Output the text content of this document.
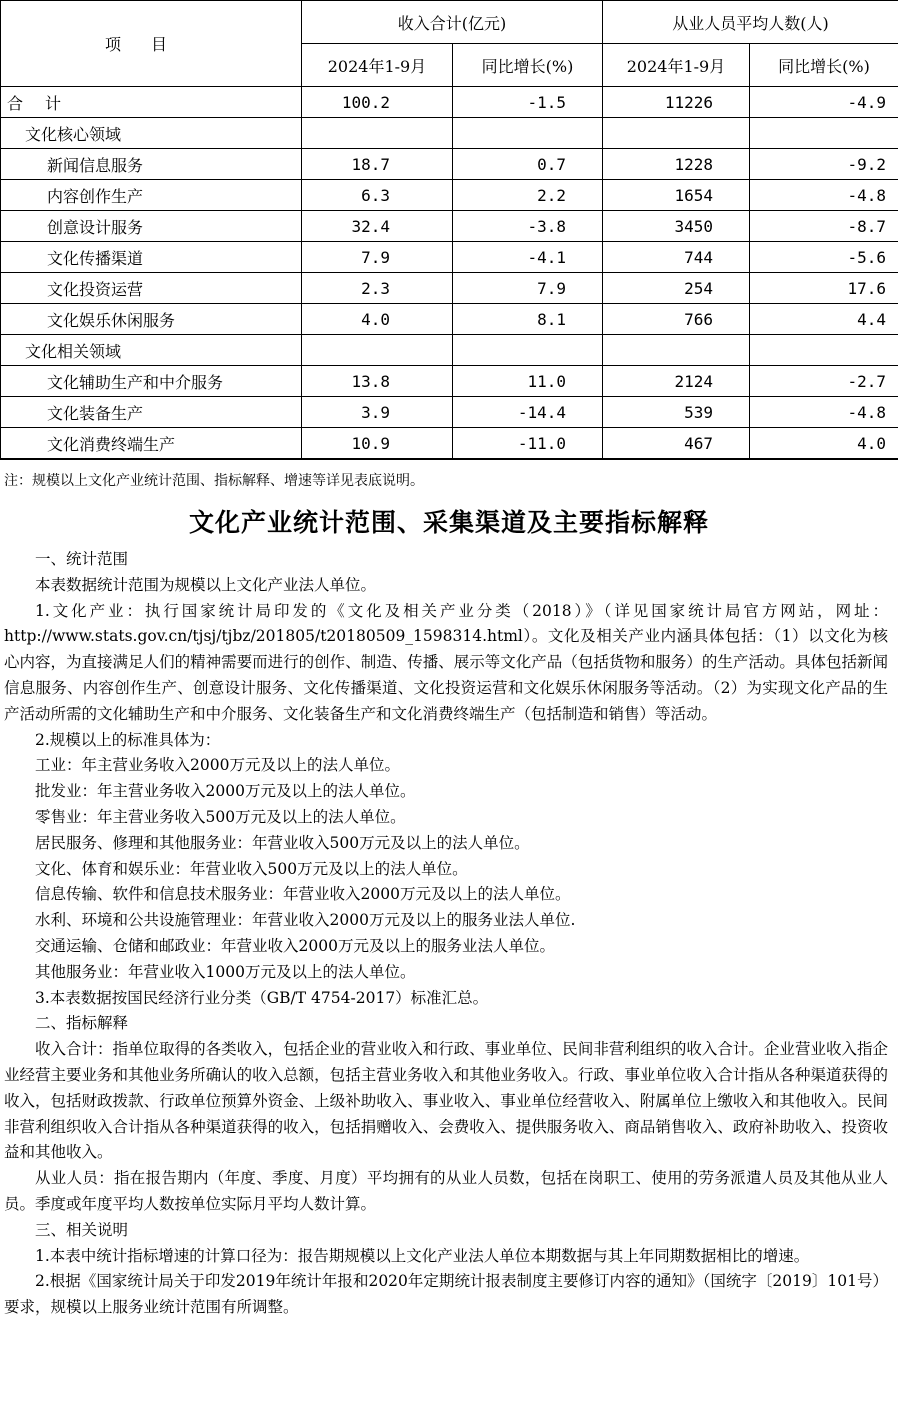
项目	收入合计(亿元)		从业人员平均人数(人)	
	2024年1-9月	同比增长(%)	2024年1-9月	同比增长(%)
合计	100.2	-1.5	11226	-4.9
文化核心领域				
新闻信息服务	18.7	0.7	1228	-9.2
内容创作生产	6.3	2.2	1654	-4.8
创意设计服务	32.4	-3.8	3450	-8.7
文化传播渠道	7.9	-4.1	744	-5.6
文化投资运营	2.3	7.9	254	17.6
文化娱乐休闲服务	4.0	8.1	766	4.4
文化相关领域				
文化辅助生产和中介服务	13.8	11.0	2124	-2.7
文化装备生产	3.9	-14.4	539	-4.8
文化消费终端生产	10.9	-11.0	467	4.0
注：规模以上文化产业统计范围、指标解释、增速等详见表底说明。
文化产业统计范围、采集渠道及主要指标解释

一、统计范围

本表数据统计范围为规模以上文化产业法人单位。

1.文化产业：执行国家统计局印发的《文化及相关产业分类（2018）》（详见国家统计局官方网站，网址：http://www.stats.gov.cn/tjsj/tjbz/201805/t20180509_1598314.html）。文化及相关产业内涵具体包括：（1）以文化为核心内容，为直接满足人们的精神需要而进行的创作、制造、传播、展示等文化产品（包括货物和服务）的生产活动。具体包括新闻信息服务、内容创作生产、创意设计服务、文化传播渠道、文化投资运营和文化娱乐休闲服务等活动。（2）为实现文化产品的生产活动所需的文化辅助生产和中介服务、文化装备生产和文化消费终端生产（包括制造和销售）等活动。

2.规模以上的标准具体为：

工业：年主营业务收入2000万元及以上的法人单位。

批发业：年主营业务收入2000万元及以上的法人单位。

零售业：年主营业务收入500万元及以上的法人单位。

居民服务、修理和其他服务业：年营业收入500万元及以上的法人单位。

文化、体育和娱乐业：年营业收入500万元及以上的法人单位。

信息传输、软件和信息技术服务业：年营业收入2000万元及以上的法人单位。

水利、环境和公共设施管理业：年营业收入2000万元及以上的服务业法人单位.

交通运输、仓储和邮政业：年营业收入2000万元及以上的服务业法人单位。

其他服务业：年营业收入1000万元及以上的法人单位。

3.本表数据按国民经济行业分类（GB/T 4754-2017）标准汇总。

二、指标解释

收入合计：指单位取得的各类收入，包括企业的营业收入和行政、事业单位、民间非营利组织的收入合计。企业营业收入指企业经营主要业务和其他业务所确认的收入总额，包括主营业务收入和其他业务收入。行政、事业单位收入合计指从各种渠道获得的收入，包括财政拨款、行政单位预算外资金、上级补助收入、事业收入、事业单位经营收入、附属单位上缴收入和其他收入。民间非营利组织收入合计指从各种渠道获得的收入，包括捐赠收入、会费收入、提供服务收入、商品销售收入、政府补助收入、投资收益和其他收入。

从业人员：指在报告期内（年度、季度、月度）平均拥有的从业人员数，包括在岗职工、使用的劳务派遣人员及其他从业人员。季度或年度平均人数按单位实际月平均人数计算。

三、相关说明

1.本表中统计指标增速的计算口径为：报告期规模以上文化产业法人单位本期数据与其上年同期数据相比的增速。

2.根据《国家统计局关于印发2019年统计年报和2020年定期统计报表制度主要修订内容的通知》（国统字〔2019〕101号）要求，规模以上服务业统计范围有所调整。
